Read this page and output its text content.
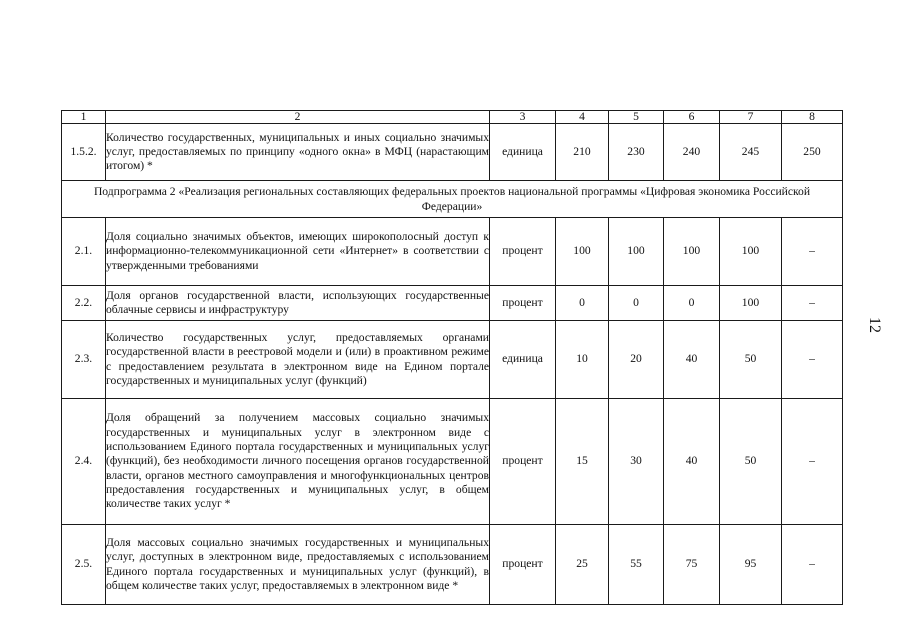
1	2	3	4	5	6	7	8
1.5.2.	Количество государственных, муниципальных и иных социально значимых услуг, предоставляемых по принципу «одного окна» в МФЦ (нарастающим итогом) *	единица	210	230	240	245	250
Подпрограмма 2 «Реализация региональных составляющих федеральных проектов национальной программы «Цифровая экономика Российской Федерации»							
2.1.	Доля социально значимых объектов, имеющих широкополосный доступ к информационно-телекоммуникационной сети «Интернет» в соответствии с утвержденными требованиями	процент	100	100	100	100	–
2.2.	Доля органов государственной власти, использующих государственные облачные сервисы и инфраструктуру	процент	0	0	0	100	–
2.3.	Количество государственных услуг, предоставляемых органами государственной власти в реестровой модели и (или) в проактивном режиме с предоставлением результата в электронном виде на Едином портале государственных и муниципальных услуг (функций)	единица	10	20	40	50	–
2.4.	Доля обращений за получением массовых социально значимых государственных и муниципальных услуг в электронном виде с использованием Единого портала государственных и муниципальных услуг (функций), без необходимости личного посещения органов государственной власти, органов местного самоуправления и многофункциональных центров предоставления государственных и муниципальных услуг, в общем количестве таких услуг *	процент	15	30	40	50	–
2.5.	Доля массовых социально значимых государственных и муниципальных услуг, доступных в электронном виде, предоставляемых с использованием Единого портала государственных и муниципальных услуг (функций), в общем количестве таких услуг, предоставляемых в электронном виде *	процент	25	55	75	95	–
12
